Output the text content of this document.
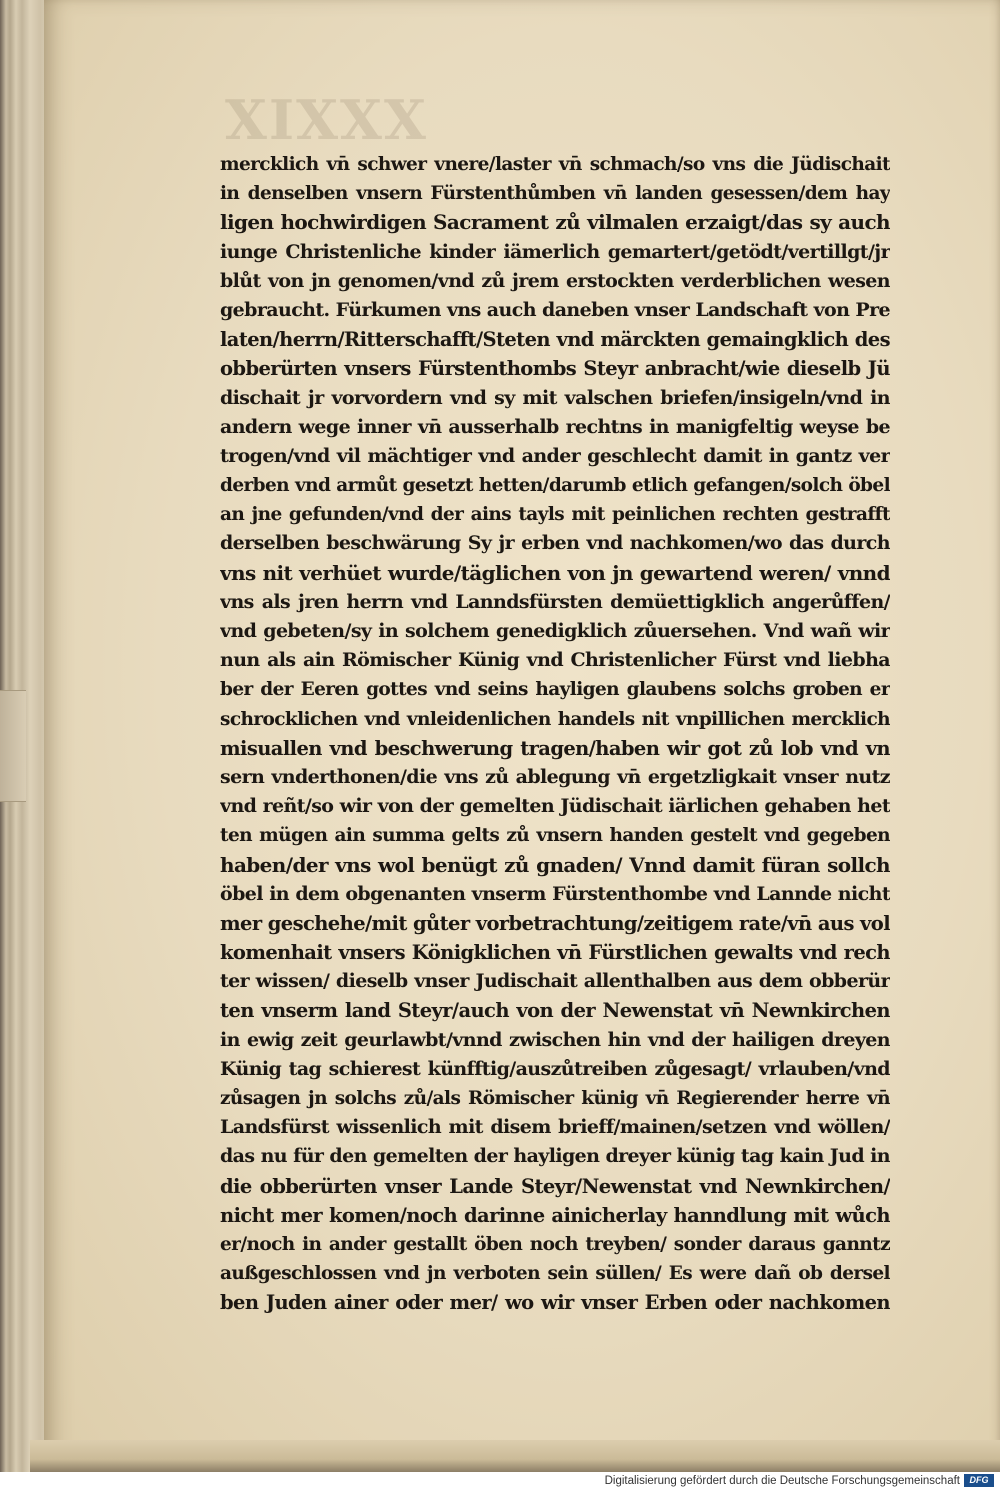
XIXXX
mercklich vn̄ schwer vnere/laster vn̄ schmach/so vns die Jüdischait
in denselben vnsern Fürstenthůmben vn̄ landen gesessen/dem hay
ligen hochwirdigen Sacrament zů vilmalen erzaigt/das sy auch
iunge Christenliche kinder iämerlich gemartert/getödt/vertillgt/jr
blůt von jn genomen/vnd zů jrem erstockten verderblichen wesen
gebraucht. Fürkumen vns auch daneben vnser Landschaft von Pre
laten/herrn/Ritterschafft/Steten vnd märckten gemaingklich des
obberürten vnsers Fürstenthombs Steyr anbracht/wie dieselb Jü
dischait jr vorvordern vnd sy mit valschen briefen/insigeln/vnd in
andern wege inner vn̄ ausserhalb rechtns in manigfeltig weyse be
trogen/vnd vil mächtiger vnd ander geschlecht damit in gantz ver
derben vnd armůt gesetzt hetten/darumb etlich gefangen/solch öbel
an jne gefunden/vnd der ains tayls mit peinlichen rechten gestrafft
derselben beschwärung Sy jr erben vnd nachkomen/wo das durch
vns nit verhüet wurde/täglichen von jn gewartend weren/ vnnd
vns als jren herrn vnd Lanndsfürsten demüettigklich angerůffen/
vnd gebeten/sy in solchem genedigklich zůuersehen. Vnd wañ wir
nun als ain Römischer Künig vnd Christenlicher Fürst vnd liebha
ber der Eeren gottes vnd seins hayligen glaubens solchs groben er
schrocklichen vnd vnleidenlichen handels nit vnpillichen mercklich
misuallen vnd beschwerung tragen/haben wir got zů lob vnd vn
sern vnderthonen/die vns zů ablegung vn̄ ergetzligkait vnser nutz
vnd reñt/so wir von der gemelten Jüdischait iärlichen gehaben het
ten mügen ain summa gelts zů vnsern handen gestelt vnd gegeben
haben/der vns wol benügt zů gnaden/ Vnnd damit füran sollch
öbel in dem obgenanten vnserm Fürstenthombe vnd Lannde nicht
mer geschehe/mit gůter vorbetrachtung/zeitigem rate/vn̄ aus vol
komenhait vnsers Königklichen vn̄ Fürstlichen gewalts vnd rech
ter wissen/ dieselb vnser Judischait allenthalben aus dem obberür
ten vnserm land Steyr/auch von der Newenstat vn̄ Newnkirchen
in ewig zeit geurlawbt/vnnd zwischen hin vnd der hailigen dreyen
Künig tag schierest künfftig/auszůtreiben zůgesagt/ vrlauben/vnd
zůsagen jn solchs zů/als Römischer künig vn̄ Regierender herre vn̄
Landsfürst wissenlich mit disem brieff/mainen/setzen vnd wöllen/
das nu für den gemelten der hayligen dreyer künig tag kain Jud in
die obberürten vnser Lande Steyr/Newenstat vnd Newnkirchen/
nicht mer komen/noch darinne ainicherlay hanndlung mit wůch
er/noch in ander gestallt öben noch treyben/ sonder daraus ganntz
außgeschlossen vnd jn verboten sein süllen/ Es were dañ ob dersel
ben Juden ainer oder mer/ wo wir vnser Erben oder nachkomen
Digitalisierung gefördert durch die Deutsche Forschungsgemeinschaft	DFG
